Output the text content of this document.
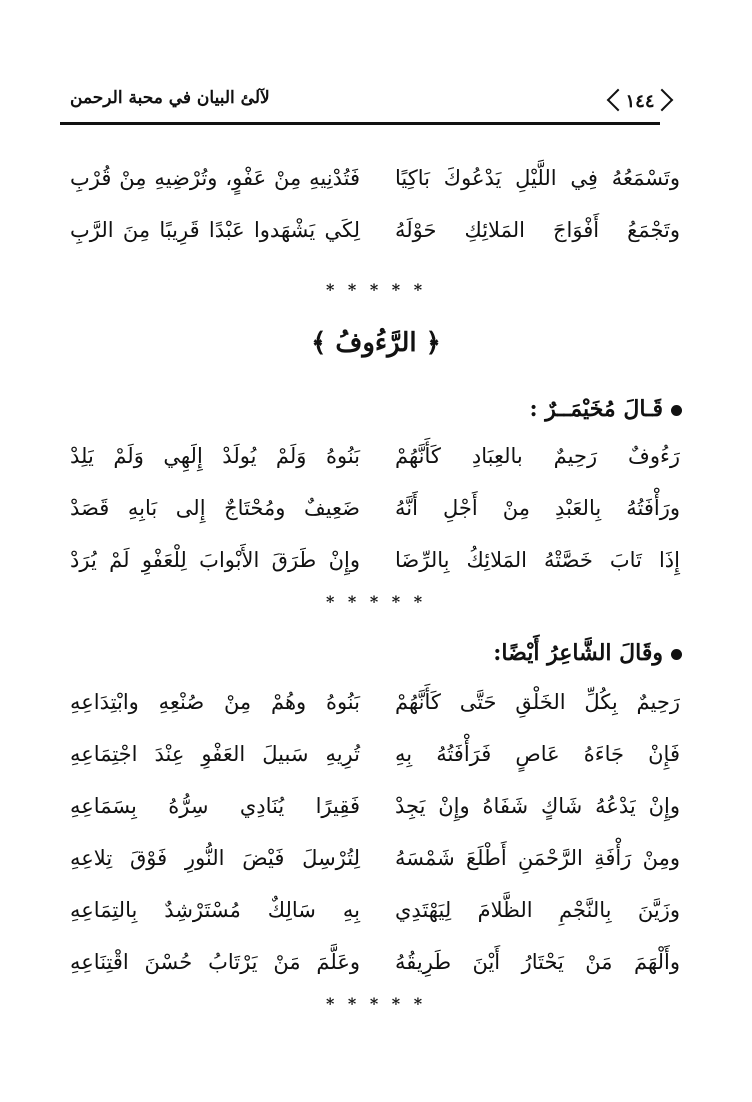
لآلئ البيان في محبة الرحمن	١٤٤
وتَسْمَعُهُ فِي اللَّيْلِ يَدْعُوكَ بَاكِيًا
فَتُدْنِيهِ مِنْ عَفْوٍ، وتُرْضِيهِ مِنْ قُرْبِ
وتَجْمَعُ أَفْوَاجَ المَلائِكِ حَوْلَهُ
لِكَي يَشْهَدوا عَبْدًا قَرِيبًا مِنَ الرَّبِ
* * * * *
﴿ الرَّءُوفُ ﴾
قَـالَ مُخَيْمَــرٌ :
رَءُوفٌ رَحِيمٌ بالعِبَادِ كَأَنَّهُمْ
بَنُوهُ وَلَمْ يُولَدْ إِلَهِي وَلَمْ يَلِدْ
ورَأْفَتُهُ بِالعَبْدِ مِنْ أَجْلِ أَنَّهُ
ضَعِيفٌ ومُحْتَاجٌ إِلى بَابِهِ قَصَدْ
إِذَا تَابَ خَصَّتْهُ المَلائِكُ بِالرِّضَا
وإِنْ طَرَقَ الأَبْوابَ لِلْعَفْوِ لَمْ يُرَدْ
* * * * *
وقَالَ الشَّاعِرُ أَيْضًا:
رَحِيمٌ بِكُلِّ الخَلْقِ حَتَّى كَأَنَّهُمْ
بَنُوهُ وهُمْ مِنْ صُنْعِهِ وابْتِدَاعِهِ
فَإِنْ جَاءَهُ عَاصٍ فَرَأْفَتُهُ بِهِ
تُرِيهِ سَبيلَ العَفْوِ عِنْدَ اجْتِمَاعِهِ
وإِنْ يَدْعُهُ شَاكٍ شَفَاهُ وإِنْ يَجِدْ
فَقِيرًا يُنَادِي سِرُّهُ بِسَمَاعِهِ
ومِنْ رَأْفَةِ الرَّحْمَنِ أَطْلَعَ شَمْسَهُ
لِتُرْسِلَ فَيْضَ النُّورِ فَوْقَ تِلاعِهِ
وزَيَّنَ بِالنَّجْمِ الظَّلامَ لِيَهْتَدِي
بِهِ سَالِكٌ مُسْتَرْشِدٌ بِالتِمَاعِهِ
وأَلْهَمَ مَنْ يَحْتَارُ أَيْنَ طَرِيقُهُ
وعَلَّمَ مَنْ يَرْتَابُ حُسْنَ اقْتِنَاعِهِ
* * * * *
